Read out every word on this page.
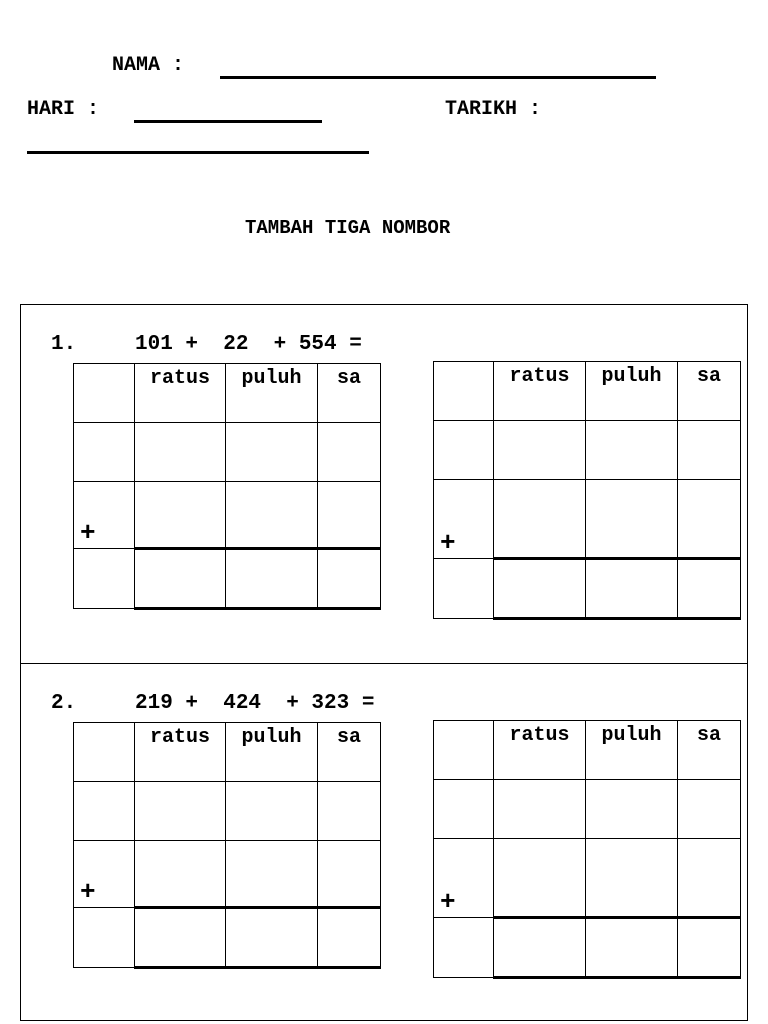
NAMA :
HARI :	TARIKH :
TAMBAH TIGA NOMBOR
1.	101 +  22  + 554 =

	ratus	puluh	sa

+			

	ratus	puluh	sa

+			

2.	219 +  424  + 323 =

	ratus	puluh	sa

+			

	ratus	puluh	sa

+			
